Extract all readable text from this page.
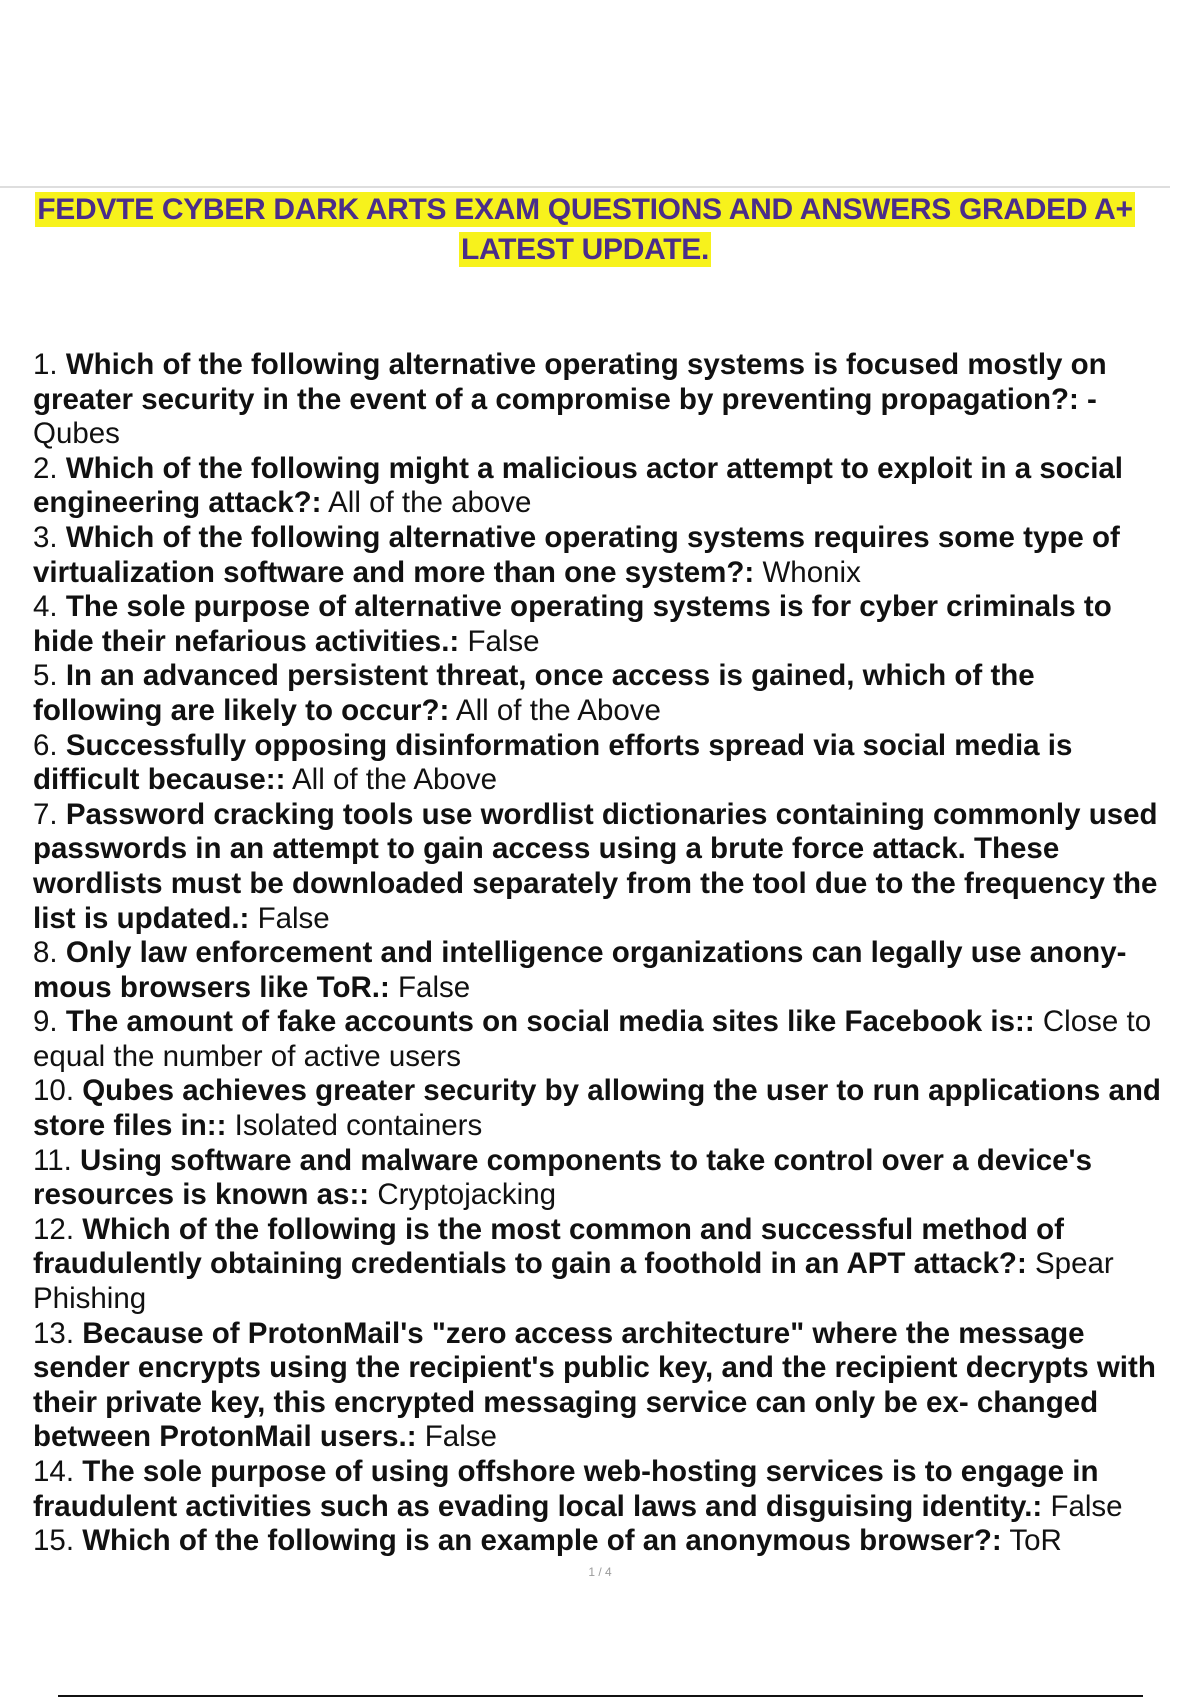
FEDVTE CYBER DARK ARTS EXAM QUESTIONS AND ANSWERS GRADED A+
LATEST UPDATE.
1. Which of the following alternative operating systems is focused mostly on greater security in the event of a compromise by preventing propagation?: - Qubes
2. Which of the following might a malicious actor attempt to exploit in a social engineering attack?: All of the above
3. Which of the following alternative operating systems requires some type of virtualization software and more than one system?: Whonix
4. The sole purpose of alternative operating systems is for cyber criminals to hide their nefarious activities.: False
5. In an advanced persistent threat, once access is gained, which of the following are likely to occur?: All of the Above
6. Successfully opposing disinformation efforts spread via social media is difficult because:: All of the Above
7. Password cracking tools use wordlist dictionaries containing commonly used passwords in an attempt to gain access using a brute force attack. These wordlists must be downloaded separately from the tool due to the frequency the list is updated.: False
8. Only law enforcement and intelligence organizations can legally use anony- mous browsers like ToR.: False
9. The amount of fake accounts on social media sites like Facebook is:: Close to equal the number of active users
10. Qubes achieves greater security by allowing the user to run applications and store files in:: Isolated containers
11. Using software and malware components to take control over a device's resources is known as:: Cryptojacking
12. Which of the following is the most common and successful method of fraudulently obtaining credentials to gain a foothold in an APT attack?: Spear Phishing
13. Because of ProtonMail's "zero access architecture" where the message sender encrypts using the recipient's public key, and the recipient decrypts with their private key, this encrypted messaging service can only be ex- changed between ProtonMail users.: False
14. The sole purpose of using offshore web-hosting services is to engage in fraudulent activities such as evading local laws and disguising identity.: False
15. Which of the following is an example of an anonymous browser?: ToR
1 / 4
